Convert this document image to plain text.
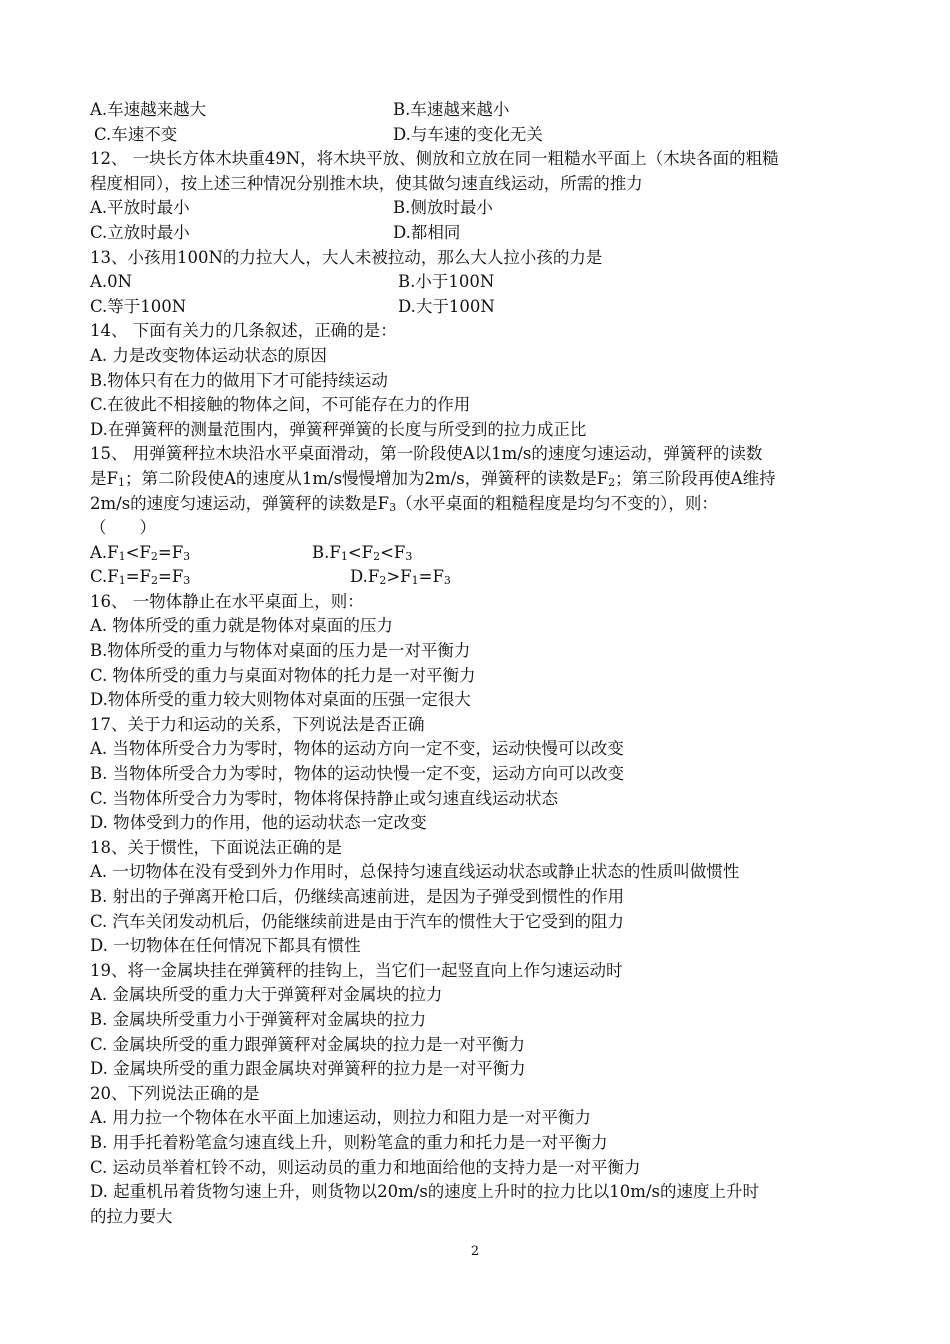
A.车速越来越大	B.车速越来越小
C.车速不变	D.与车速的变化无关
12、 一块长方体木块重49N，将木块平放、侧放和立放在同一粗糙水平面上（木块各面的粗糙
程度相同），按上述三种情况分别推木块，使其做匀速直线运动，所需的推力
A.平放时最小	B.侧放时最小
C.立放时最小	D.都相同
13、小孩用100N的力拉大人，大人未被拉动，那么大人拉小孩的力是
A.0N	B.小于100N
C.等于100N	D.大于100N
14、 下面有关力的几条叙述，正确的是：
A. 力是改变物体运动状态的原因
B.物体只有在力的做用下才可能持续运动
C.在彼此不相接触的物体之间，不可能存在力的作用
D.在弹簧秤的测量范围内，弹簧秤弹簧的长度与所受到的拉力成正比
15、 用弹簧秤拉木块沿水平桌面滑动，第一阶段使A以1m/s的速度匀速运动，弹簧秤的读数
是$F_1$；第二阶段使A的速度从1m/s慢慢增加为2m/s，弹簧秤的读数是$F_2$；第三阶段再使A维持
2m/s的速度匀速运动，弹簧秤的读数是$F_3$（水平桌面的粗糙程度是均匀不变的），则：
（　　）
$A.F_1<F_2=F_3$	$B.F_1<F_2<F_3$
$C.F_1=F_2=F_3$	$D.F_2>F_1=F_3$
16、 一物体静止在水平桌面上，则：
A. 物体所受的重力就是物体对桌面的压力
B.物体所受的重力与物体对桌面的压力是一对平衡力
C. 物体所受的重力与桌面对物体的托力是一对平衡力
D.物体所受的重力较大则物体对桌面的压强一定很大
17、关于力和运动的关系，下列说法是否正确
A. 当物体所受合力为零时，物体的运动方向一定不变，运动快慢可以改变
B. 当物体所受合力为零时，物体的运动快慢一定不变，运动方向可以改变
C. 当物体所受合力为零时，物体将保持静止或匀速直线运动状态
D. 物体受到力的作用，他的运动状态一定改变
18、关于惯性，下面说法正确的是
A. 一切物体在没有受到外力作用时，总保持匀速直线运动状态或静止状态的性质叫做惯性
B. 射出的子弹离开枪口后，仍继续高速前进，是因为子弹受到惯性的作用
C. 汽车关闭发动机后，仍能继续前进是由于汽车的惯性大于它受到的阻力
D. 一切物体在任何情况下都具有惯性
19、将一金属块挂在弹簧秤的挂钩上，当它们一起竖直向上作匀速运动时
A. 金属块所受的重力大于弹簧秤对金属块的拉力
B. 金属块所受重力小于弹簧秤对金属块的拉力
C. 金属块所受的重力跟弹簧秤对金属块的拉力是一对平衡力
D. 金属块所受的重力跟金属块对弹簧秤的拉力是一对平衡力
20、下列说法正确的是
A. 用力拉一个物体在水平面上加速运动，则拉力和阻力是一对平衡力
B. 用手托着粉笔盒匀速直线上升，则粉笔盒的重力和托力是一对平衡力
C. 运动员举着杠铃不动，则运动员的重力和地面给他的支持力是一对平衡力
D. 起重机吊着货物匀速上升，则货物以20m/s的速度上升时的拉力比以10m/s的速度上升时
的拉力要大
2
